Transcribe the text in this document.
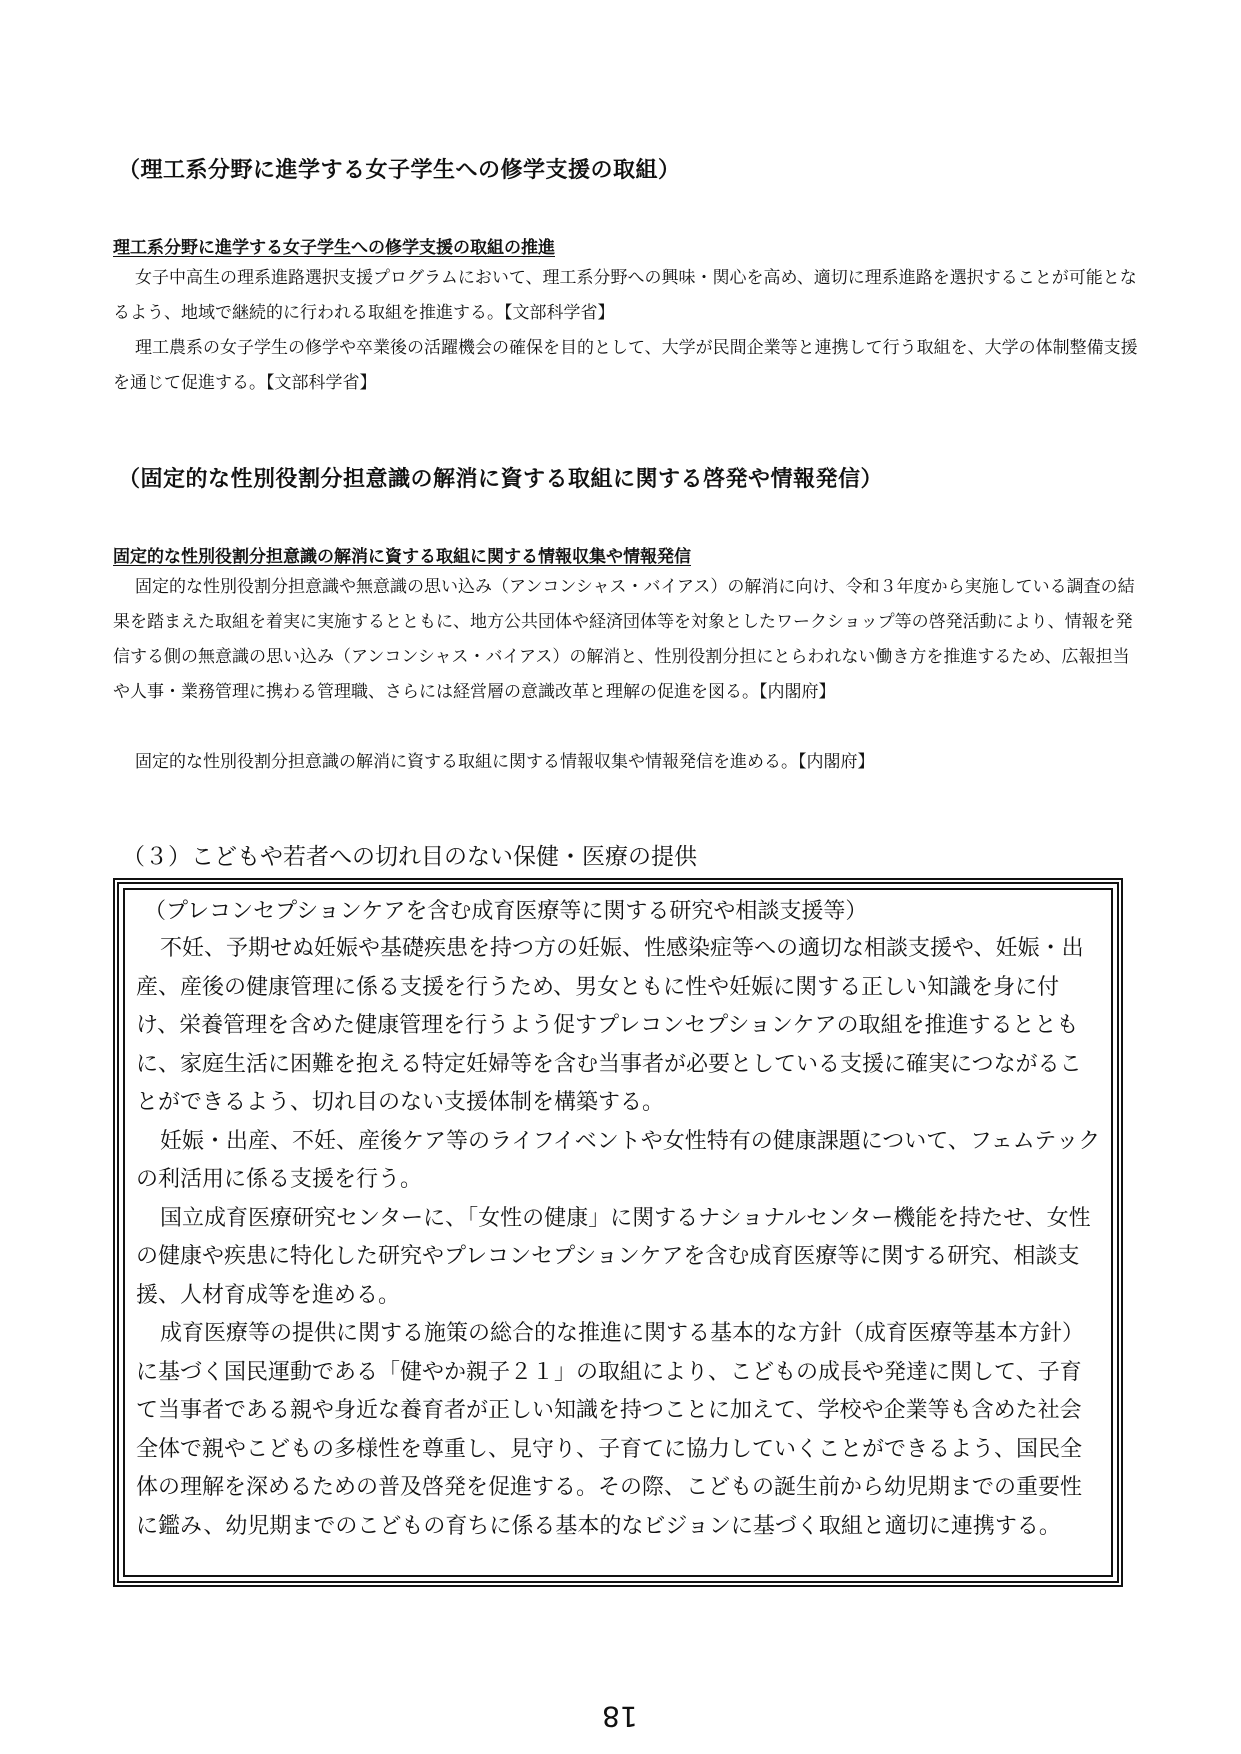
（理工系分野に進学する女子学生への修学支援の取組）
理工系分野に進学する女子学生への修学支援の取組の推進

女子中高生の理系進路選択支援プログラムにおいて、理工系分野への興味・関心を高め、適切に理系進路を選択することが可能となるよう、地域で継続的に行われる取組を推進する。【文部科学省】

理工農系の女子学生の修学や卒業後の活躍機会の確保を目的として、大学が民間企業等と連携して行う取組を、大学の体制整備支援を通じて促進する。【文部科学省】

（固定的な性別役割分担意識の解消に資する取組に関する啓発や情報発信）
固定的な性別役割分担意識の解消に資する取組に関する情報収集や情報発信

固定的な性別役割分担意識や無意識の思い込み（アンコンシャス・バイアス）の解消に向け、令和３年度から実施している調査の結果を踏まえた取組を着実に実施するとともに、地方公共団体や経済団体等を対象としたワークショップ等の啓発活動により、情報を発信する側の無意識の思い込み（アンコンシャス・バイアス）の解消と、性別役割分担にとらわれない働き方を推進するため、広報担当や人事・業務管理に携わる管理職、さらには経営層の意識改革と理解の促進を図る。【内閣府】

固定的な性別役割分担意識の解消に資する取組に関する情報収集や情報発信を進める。【内閣府】

（３）こどもや若者への切れ目のない保健・医療の提供
（プレコンセプションケアを含む成育医療等に関する研究や相談支援等）

不妊、予期せぬ妊娠や基礎疾患を持つ方の妊娠、性感染症等への適切な相談支援や、妊娠・出産、産後の健康管理に係る支援を行うため、男女ともに性や妊娠に関する正しい知識を身に付け、栄養管理を含めた健康管理を行うよう促すプレコンセプションケアの取組を推進するとともに、家庭生活に困難を抱える特定妊婦等を含む当事者が必要としている支援に確実につながることができるよう、切れ目のない支援体制を構築する。

妊娠・出産、不妊、産後ケア等のライフイベントや女性特有の健康課題について、フェムテックの利活用に係る支援を行う。

国立成育医療研究センターに、「女性の健康」に関するナショナルセンター機能を持たせ、女性の健康や疾患に特化した研究やプレコンセプションケアを含む成育医療等に関する研究、相談支援、人材育成等を進める。

成育医療等の提供に関する施策の総合的な推進に関する基本的な方針（成育医療等基本方針）に基づく国民運動である「健やか親子２１」の取組により、こどもの成長や発達に関して、子育て当事者である親や身近な養育者が正しい知識を持つことに加えて、学校や企業等も含めた社会全体で親やこどもの多様性を尊重し、見守り、子育てに協力していくことができるよう、国民全体の理解を深めるための普及啓発を促進する。その際、こどもの誕生前から幼児期までの重要性に鑑み、幼児期までのこどもの育ちに係る基本的なビジョンに基づく取組と適切に連携する。

18
